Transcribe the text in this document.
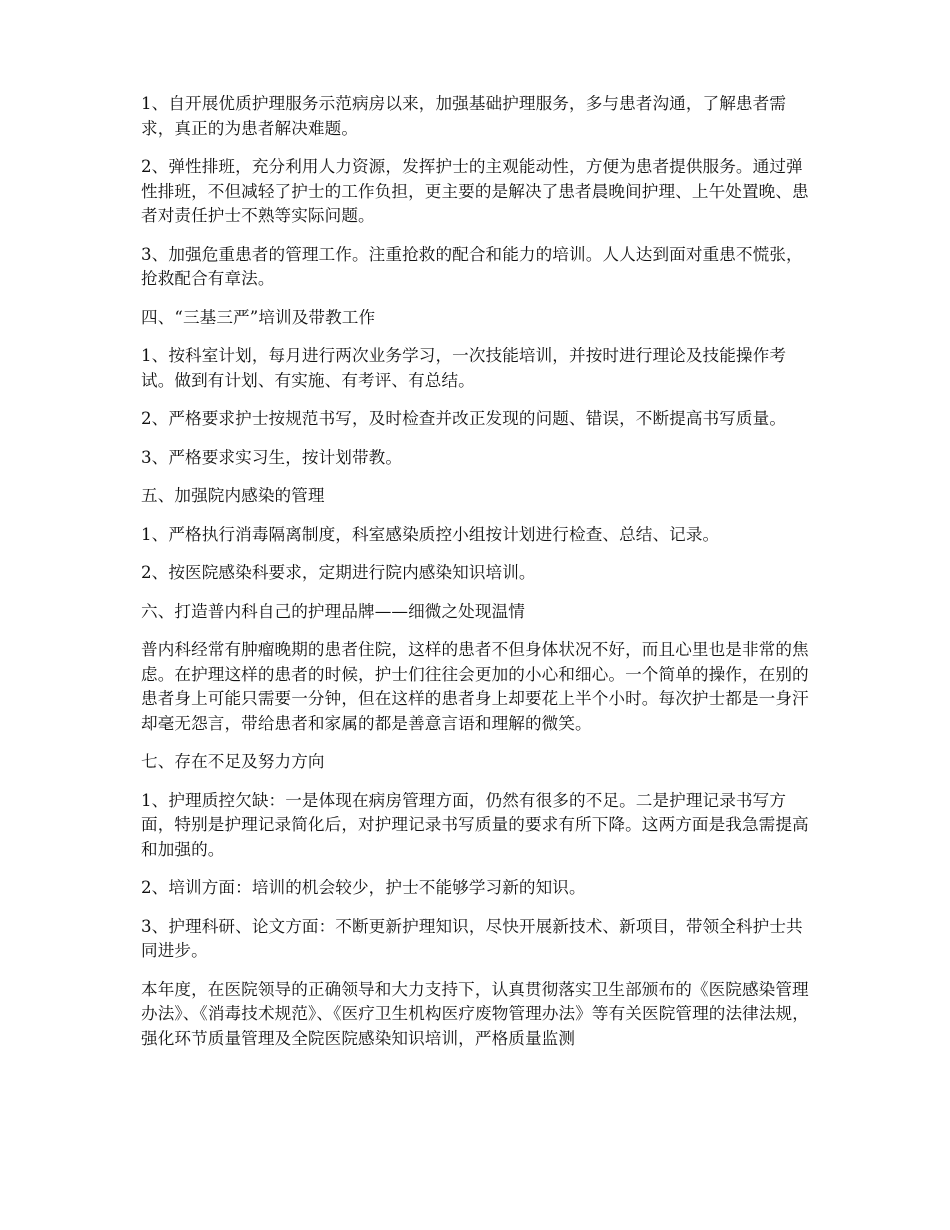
1、自开展优质护理服务示范病房以来，加强基础护理服务，多与患者沟通，了解患者需求，真正的为患者解决难题。

2、弹性排班，充分利用人力资源，发挥护士的主观能动性，方便为患者提供服务。通过弹性排班，不但减轻了护士的工作负担，更主要的是解决了患者晨晚间护理、上午处置晚、患者对责任护士不熟等实际问题。

3、加强危重患者的管理工作。注重抢救的配合和能力的培训。人人达到面对重患不慌张，抢救配合有章法。

四、“三基三严”培训及带教工作

1、按科室计划，每月进行两次业务学习，一次技能培训，并按时进行理论及技能操作考试。做到有计划、有实施、有考评、有总结。

2、严格要求护士按规范书写，及时检查并改正发现的问题、错误，不断提高书写质量。

3、严格要求实习生，按计划带教。

五、加强院内感染的管理

1、严格执行消毒隔离制度，科室感染质控小组按计划进行检查、总结、记录。

2、按医院感染科要求，定期进行院内感染知识培训。

六、打造普内科自己的护理品牌——细微之处现温情

普内科经常有肿瘤晚期的患者住院，这样的患者不但身体状况不好，而且心里也是非常的焦虑。在护理这样的患者的时候，护士们往往会更加的小心和细心。一个简单的操作，在别的患者身上可能只需要一分钟，但在这样的患者身上却要花上半个小时。每次护士都是一身汗却毫无怨言，带给患者和家属的都是善意言语和理解的微笑。

七、存在不足及努力方向

1、护理质控欠缺：一是体现在病房管理方面，仍然有很多的不足。二是护理记录书写方面，特别是护理记录简化后，对护理记录书写质量的要求有所下降。这两方面是我急需提高和加强的。

2、培训方面：培训的机会较少，护士不能够学习新的知识。

3、护理科研、论文方面：不断更新护理知识，尽快开展新技术、新项目，带领全科护士共同进步。

本年度，在医院领导的正确领导和大力支持下，认真贯彻落实卫生部颁布的《医院感染管理办法》、《消毒技术规范》、《医疗卫生机构医疗废物管理办法》等有关医院管理的法律法规，强化环节质量管理及全院医院感染知识培训，严格质量监测
